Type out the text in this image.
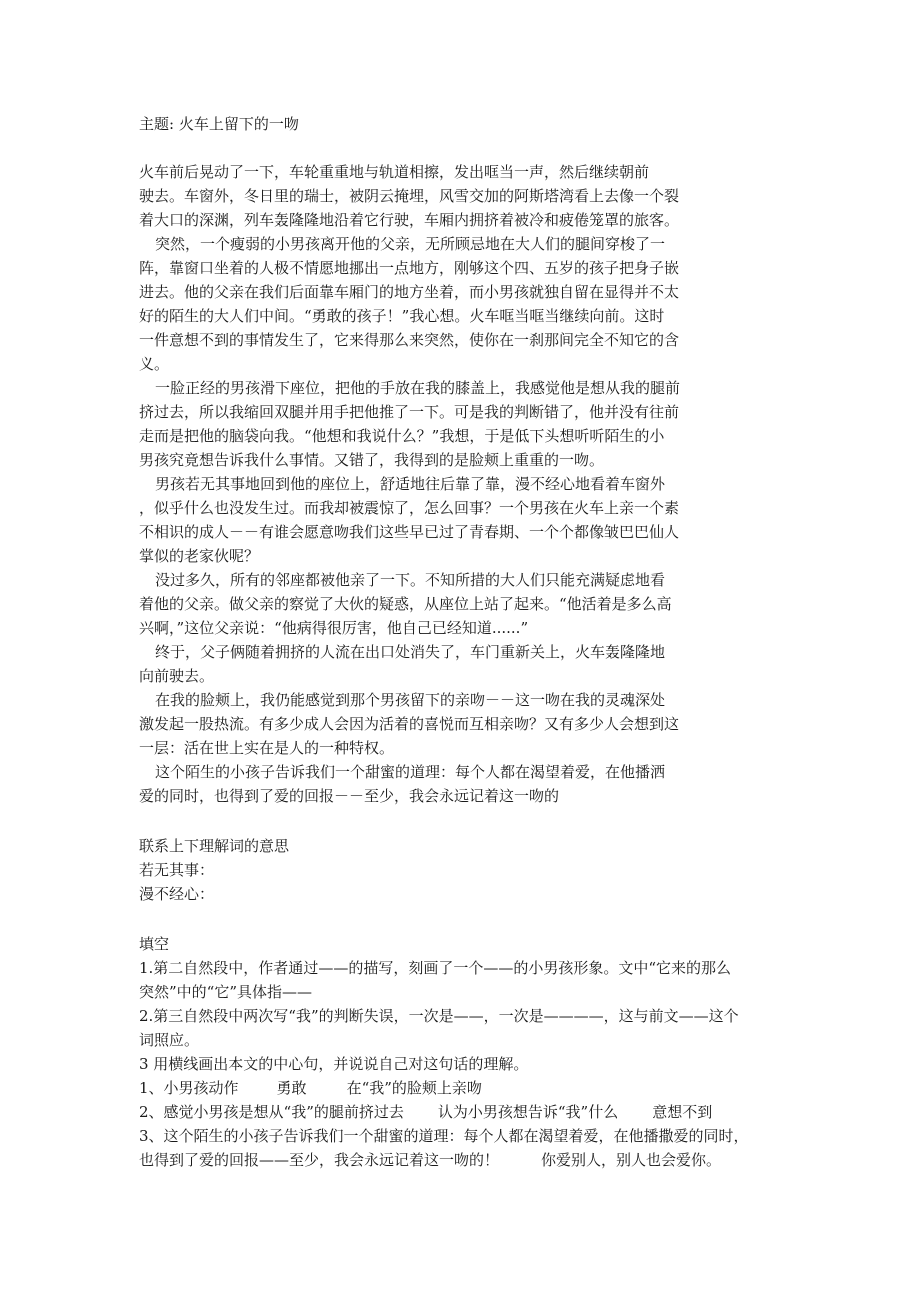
主题: 火车上留下的一吻
火车前后晃动了一下，车轮重重地与轨道相擦，发出哐当一声，然后继续朝前
驶去。车窗外，冬日里的瑞士，被阴云掩埋，风雪交加的阿斯塔湾看上去像一个裂
着大口的深渊，列车轰隆隆地沿着它行驶，车厢内拥挤着被冷和疲倦笼罩的旅客。
突然，一个瘦弱的小男孩离开他的父亲，无所顾忌地在大人们的腿间穿梭了一
阵，靠窗口坐着的人极不情愿地挪出一点地方，刚够这个四、五岁的孩子把身子嵌
进去。他的父亲在我们后面靠车厢门的地方坐着，而小男孩就独自留在显得并不太
好的陌生的大人们中间。“勇敢的孩子！”我心想。火车哐当哐当继续向前。这时
一件意想不到的事情发生了，它来得那么来突然，使你在一刹那间完全不知它的含
义。
一脸正经的男孩滑下座位，把他的手放在我的膝盖上，我感觉他是想从我的腿前
挤过去，所以我缩回双腿并用手把他推了一下。可是我的判断错了，他并没有往前
走而是把他的脑袋向我。“他想和我说什么？”我想，于是低下头想听听陌生的小
男孩究竟想告诉我什么事情。又错了，我得到的是脸颊上重重的一吻。
男孩若无其事地回到他的座位上，舒适地往后靠了靠，漫不经心地看着车窗外
，似乎什么也没发生过。而我却被震惊了，怎么回事？一个男孩在火车上亲一个素
不相识的成人－－有谁会愿意吻我们这些早已过了青春期、一个个都像皱巴巴仙人
掌似的老家伙呢？
没过多久，所有的邻座都被他亲了一下。不知所措的大人们只能充满疑虑地看
着他的父亲。做父亲的察觉了大伙的疑惑，从座位上站了起来。“他活着是多么高
兴啊，”这位父亲说：“他病得很厉害，他自己已经知道......”
终于，父子俩随着拥挤的人流在出口处消失了，车门重新关上，火车轰隆隆地
向前驶去。
在我的脸颊上，我仍能感觉到那个男孩留下的亲吻－－这一吻在我的灵魂深处
激发起一股热流。有多少成人会因为活着的喜悦而互相亲吻？又有多少人会想到这
一层：活在世上实在是人的一种特权。
这个陌生的小孩子告诉我们一个甜蜜的道理：每个人都在渴望着爱，在他播洒
爱的同时，也得到了爱的回报－－至少，我会永远记着这一吻的
联系上下理解词的意思
若无其事：
漫不经心：
填空
1.第二自然段中，作者通过——的描写，刻画了一个——的小男孩形象。文中“它来的那么
突然”中的“它”具体指——
2.第三自然段中两次写“我”的判断失误，一次是——，一次是————，这与前文——这个
词照应。
3 用横线画出本文的中心句，并说说自己对这句话的理解。
1、小男孩动作	勇敢	在“我”的脸颊上亲吻
2、感觉小男孩是想从“我”的腿前挤过去 认为小男孩想告诉“我”什么 意想不到
3、这个陌生的小孩子告诉我们一个甜蜜的道理：每个人都在渴望着爱，在他播撒爱的同时，
也得到了爱的回报——至少，我会永远记着这一吻的！	你爱别人，别人也会爱你。
